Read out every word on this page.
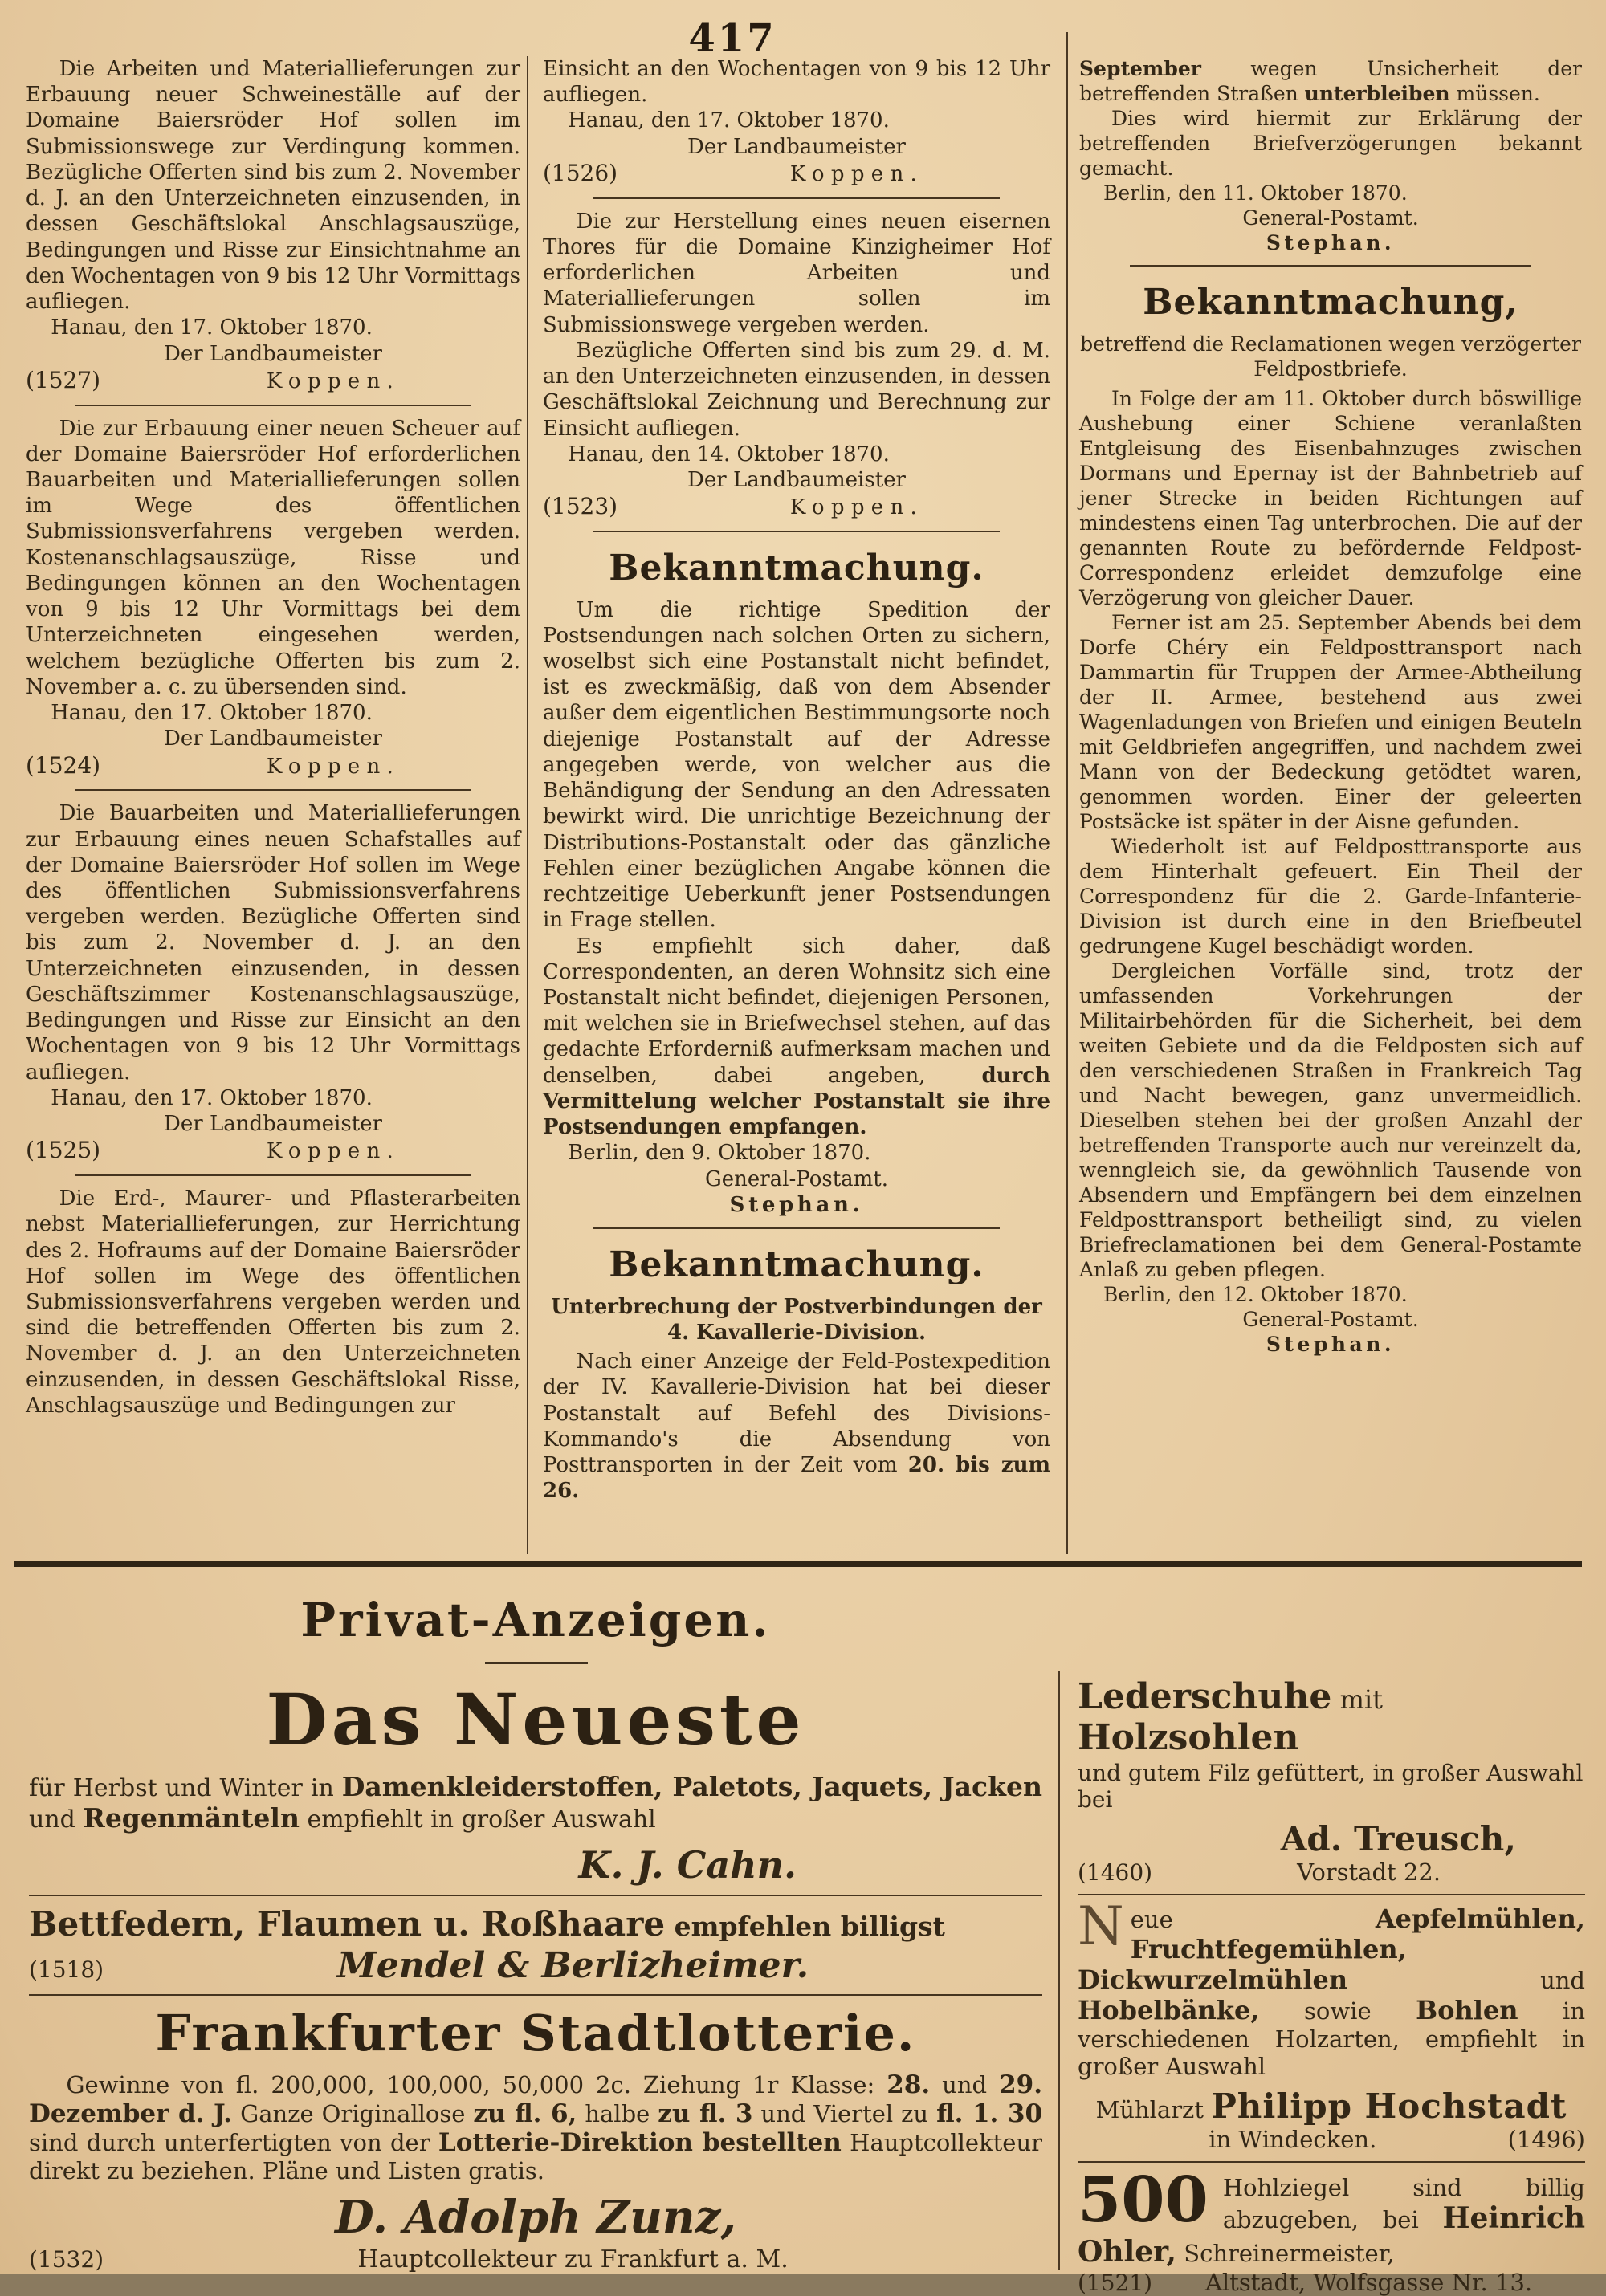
417

Die Arbeiten und Materiallieferungen zur Erbauung neuer Schweineställe auf der Domaine Baiersröder Hof sollen im Submissionswege zur Verdingung kommen. Bezügliche Offerten sind bis zum 2. November d. J. an den Unterzeichneten einzusenden, in dessen Geschäftslokal Anschlagsauszüge, Bedingungen und Risse zur Einsichtnahme an den Wochentagen von 9 bis 12 Uhr Vormittags aufliegen.

Hanau, den 17. Oktober 1870.

Der Landbaumeister

(1527)	Koppen.

Die zur Erbauung einer neuen Scheuer auf der Domaine Baiersröder Hof erforderlichen Bauarbeiten und Materiallieferungen sollen im Wege des öffentlichen Submissionsverfahrens vergeben werden. Kostenanschlagsauszüge, Risse und Bedingungen können an den Wochentagen von 9 bis 12 Uhr Vormittags bei dem Unterzeichneten eingesehen werden, welchem bezügliche Offerten bis zum 2. November a. c. zu übersenden sind.

Hanau, den 17. Oktober 1870.

Der Landbaumeister

(1524)	Koppen.

Die Bauarbeiten und Materiallieferungen zur Erbauung eines neuen Schafstalles auf der Domaine Baiersröder Hof sollen im Wege des öffentlichen Submissionsverfahrens vergeben werden. Bezügliche Offerten sind bis zum 2. November d. J. an den Unterzeichneten einzusenden, in dessen Geschäftszimmer Kostenanschlagsauszüge, Bedingungen und Risse zur Einsicht an den Wochentagen von 9 bis 12 Uhr Vormittags aufliegen.

Hanau, den 17. Oktober 1870.

Der Landbaumeister

(1525)	Koppen.

Die Erd-, Maurer- und Pflasterarbeiten nebst Materiallieferungen, zur Herrichtung des 2. Hofraums auf der Domaine Baiersröder Hof sollen im Wege des öffentlichen Submissionsverfahrens vergeben werden und sind die betreffenden Offerten bis zum 2. November d. J. an den Unterzeichneten einzusenden, in dessen Geschäftslokal Risse, Anschlagsauszüge und Bedingungen zur

Einsicht an den Wochentagen von 9 bis 12 Uhr aufliegen.

Hanau, den 17. Oktober 1870.

Der Landbaumeister

(1526)	Koppen.

Die zur Herstellung eines neuen eisernen Thores für die Domaine Kinzigheimer Hof erforderlichen Arbeiten und Materiallieferungen sollen im Submissionswege vergeben werden.

Bezügliche Offerten sind bis zum 29. d. M. an den Unterzeichneten einzusenden, in dessen Geschäftslokal Zeichnung und Berechnung zur Einsicht aufliegen.

Hanau, den 14. Oktober 1870.

Der Landbaumeister

(1523)	Koppen.
Bekanntmachung.

Um die richtige Spedition der Postsendungen nach solchen Orten zu sichern, woselbst sich eine Postanstalt nicht befindet, ist es zweckmäßig, daß von dem Absender außer dem eigentlichen Bestimmungsorte noch diejenige Postanstalt auf der Adresse angegeben werde, von welcher aus die Behändigung der Sendung an den Adressaten bewirkt wird. Die unrichtige Bezeichnung der Distributions-Postanstalt oder das gänzliche Fehlen einer bezüglichen Angabe können die rechtzeitige Ueberkunft jener Postsendungen in Frage stellen.

Es empfiehlt sich daher, daß Correspondenten, an deren Wohnsitz sich eine Postanstalt nicht befindet, diejenigen Personen, mit welchen sie in Briefwechsel stehen, auf das gedachte Erforderniß aufmerksam machen und denselben, dabei angeben, durch Vermittelung welcher Postanstalt sie ihre Postsendungen empfangen.

Berlin, den 9. Oktober 1870.

General-Postamt.

Stephan.

Bekanntmachung.

Unterbrechung der Postverbindungen der 4. Kavallerie-Division.

Nach einer Anzeige der Feld-Postexpedition der IV. Kavallerie-Division hat bei dieser Postanstalt auf Befehl des Divisions-Kommando's die Absendung von Posttransporten in der Zeit vom 20. bis zum 26.

September wegen Unsicherheit der betreffenden Straßen unterbleiben müssen.

Dies wird hiermit zur Erklärung der betreffenden Briefverzögerungen bekannt gemacht.

Berlin, den 11. Oktober 1870.

General-Postamt.

Stephan.

Bekanntmachung,

betreffend die Reclamationen wegen verzögerter Feldpostbriefe.

In Folge der am 11. Oktober durch böswillige Aushebung einer Schiene veranlaßten Entgleisung des Eisenbahnzuges zwischen Dormans und Epernay ist der Bahnbetrieb auf jener Strecke in beiden Richtungen auf mindestens einen Tag unterbrochen. Die auf der genannten Route zu befördernde Feldpost-Correspondenz erleidet demzufolge eine Verzögerung von gleicher Dauer.

Ferner ist am 25. September Abends bei dem Dorfe Chéry ein Feldposttransport nach Dammartin für Truppen der Armee-Abtheilung der II. Armee, bestehend aus zwei Wagenladungen von Briefen und einigen Beuteln mit Geldbriefen angegriffen, und nachdem zwei Mann von der Bedeckung getödtet waren, genommen worden. Einer der geleerten Postsäcke ist später in der Aisne gefunden.

Wiederholt ist auf Feldposttransporte aus dem Hinterhalt gefeuert. Ein Theil der Correspondenz für die 2. Garde-Infanterie-Division ist durch eine in den Briefbeutel gedrungene Kugel beschädigt worden.

Dergleichen Vorfälle sind, trotz der umfassenden Vorkehrungen der Militairbehörden für die Sicherheit, bei dem weiten Gebiete und da die Feldposten sich auf den verschiedenen Straßen in Frankreich Tag und Nacht bewegen, ganz unvermeidlich. Dieselben stehen bei der großen Anzahl der betreffenden Transporte auch nur vereinzelt da, wenngleich sie, da gewöhnlich Tausende von Absendern und Empfängern bei dem einzelnen Feldposttransport betheiligt sind, zu vielen Briefreclamationen bei dem General-Postamte Anlaß zu geben pflegen.

Berlin, den 12. Oktober 1870.

General-Postamt.

Stephan.

Privat-Anzeigen.
Das Neueste

für Herbst und Winter in Damenkleiderstoffen, Paletots, Jaquets, Jacken und Regenmänteln empfiehlt in großer Auswahl

K. J. Cahn.

Bettfedern, Flaumen u. Roßhaare empfehlen billigst

(1518)	Mendel & Berlizheimer.
Frankfurter Stadtlotterie.

Gewinne von fl. 200,000, 100,000, 50,000 2c. Ziehung 1r Klasse: 28. und 29. Dezember d. J. Ganze Originallose zu fl. 6, halbe zu fl. 3 und Viertel zu fl. 1. 30 sind durch unterfertigten von der Lotterie-Direktion bestellten Hauptcollekteur direkt zu beziehen. Pläne und Listen gratis.

D. Adolph Zunz,

(1532)	Hauptcollekteur zu Frankfurt a. M.

Lederschuhe mit Holzsohlen

und gutem Filz gefüttert, in großer Auswahl bei

Ad. Treusch,

(1460)	Vorstadt 22.

Neue Aepfelmühlen, Fruchtfegemühlen, Dickwurzelmühlen und Hobelbänke, sowie Bohlen in verschiedenen Holzarten, empfiehlt in großer Auswahl

Mühlarzt Philipp Hochstadt

in Windecken.	(1496)
500 Hohlziegel sind billig abzugeben, bei Heinrich Ohler, Schreinermeister,

(1521)	Altstadt, Wolfsgasse Nr. 13.
